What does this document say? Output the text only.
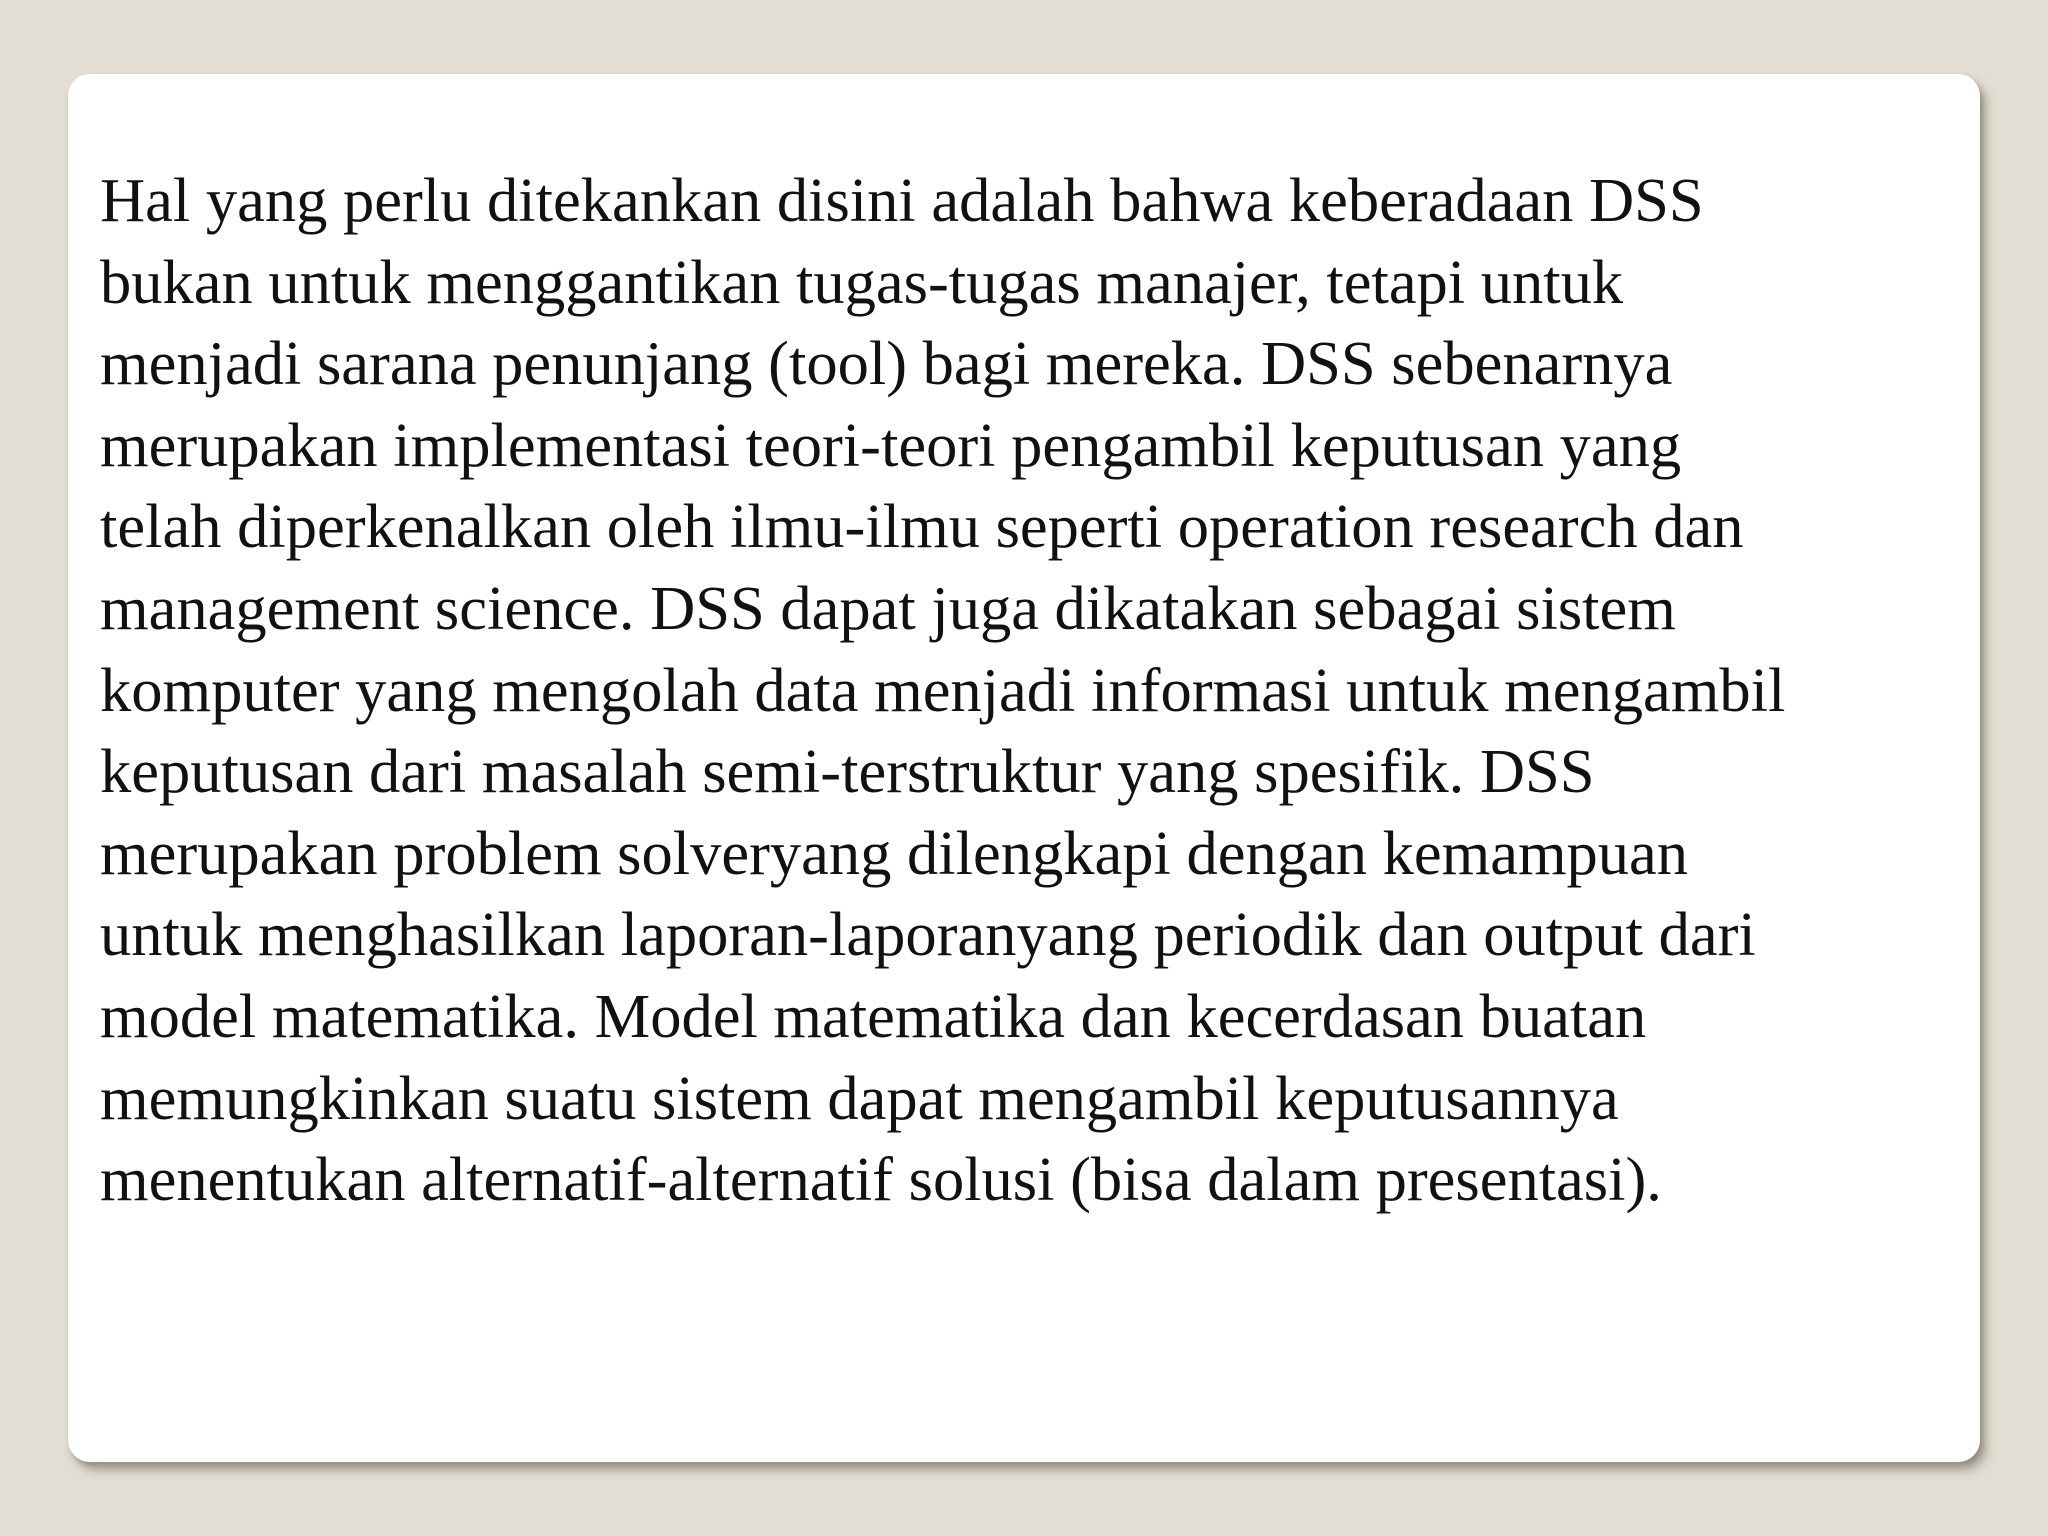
Hal yang perlu ditekankan disini adalah bahwa keberadaan DSS
bukan untuk menggantikan tugas-tugas manajer, tetapi untuk
menjadi sarana penunjang (tool) bagi mereka. DSS sebenarnya
merupakan implementasi teori-teori pengambil keputusan yang
telah diperkenalkan oleh ilmu-ilmu seperti operation research dan
management science. DSS dapat juga dikatakan sebagai sistem
komputer yang mengolah data menjadi informasi untuk mengambil
keputusan dari masalah semi-terstruktur yang spesifik. DSS
merupakan problem solveryang dilengkapi dengan kemampuan
untuk menghasilkan laporan-laporanyang periodik dan output dari
model matematika. Model matematika dan kecerdasan buatan
memungkinkan suatu sistem dapat mengambil keputusannya
menentukan alternatif-alternatif solusi (bisa dalam presentasi).
